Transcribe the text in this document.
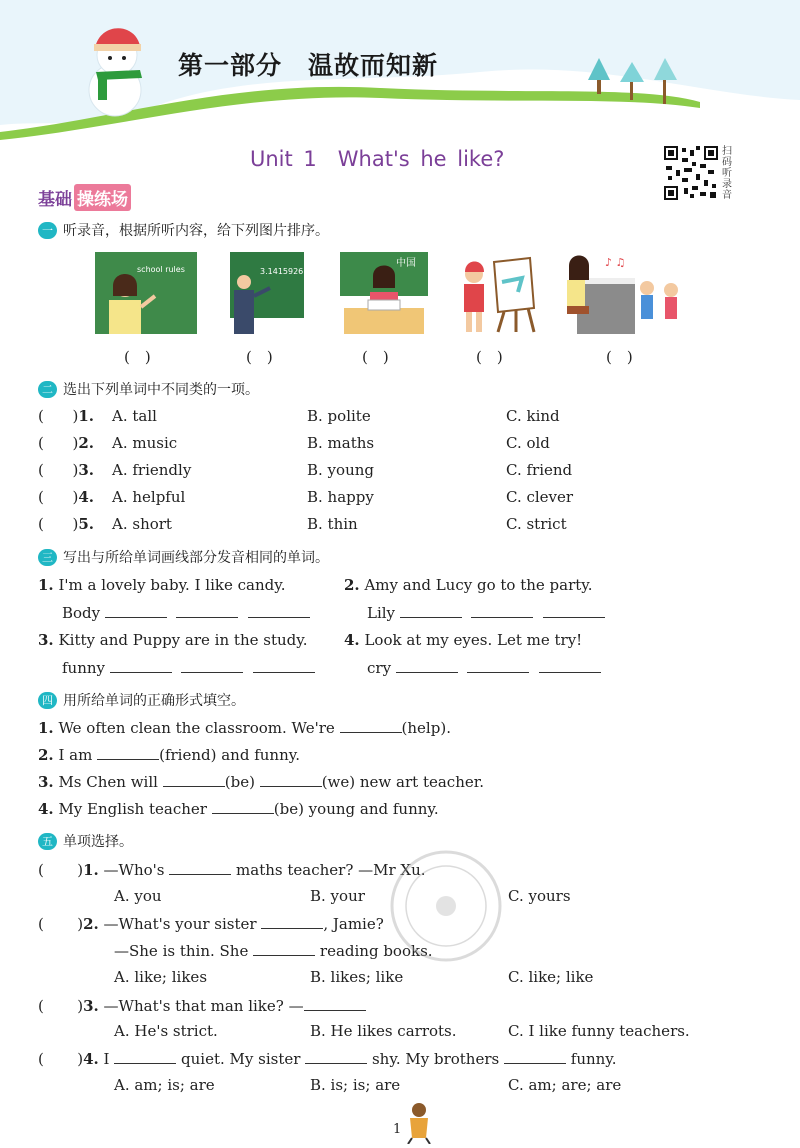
第一部分　温故而知新
Unit 1　What's he like?	扫码听录音
基础 操练场
一 听录音，根据所听内容，给下列图片排序。
school rules	3.1415926
中国	♪ ♫
(　)	(　)	(　)	(　)	(　)
二 选出下列单词中不同类的一项。
(      )1. A. tall	B. polite	C. kind
(      )2. A. music	B. maths	C. old
(      )3. A. friendly	B. young	C. friend
(      )4. A. helpful	B. happy	C. clever
(      )5. A. short	B. thin	C. strict
三 写出与所给单词画线部分发音相同的单词。
1. I'm a lovely baby. I like candy.
Body
2. Amy and Lucy go to the party.
Lily
3. Kitty and Puppy are in the study.
funny
4. Look at my eyes. Let me try!
cry
四 用所给单词的正确形式填空。
1. We often clean the classroom. We're	(help).
2. I am	(friend) and funny.
3. Ms Chen will	(be)	(we) new art teacher.
4. My English teacher	(be) young and funny.
五 单项选择。
(       )1. —Who's	maths teacher? —Mr Xu.
A. you	B. your	C. yours
(       )2. —What's your sister	, Jamie?
—She is thin. She	reading books.
A. like; likes	B. likes; like	C. like; like
(       )3. —What's that man like? —
A. He's strict.	B. He likes carrots.	C. I like funny teachers.
(       )4. I	quiet. My sister	shy. My brothers	funny.
A. am; is; are	B. is; is; are	C. am; are; are
1
